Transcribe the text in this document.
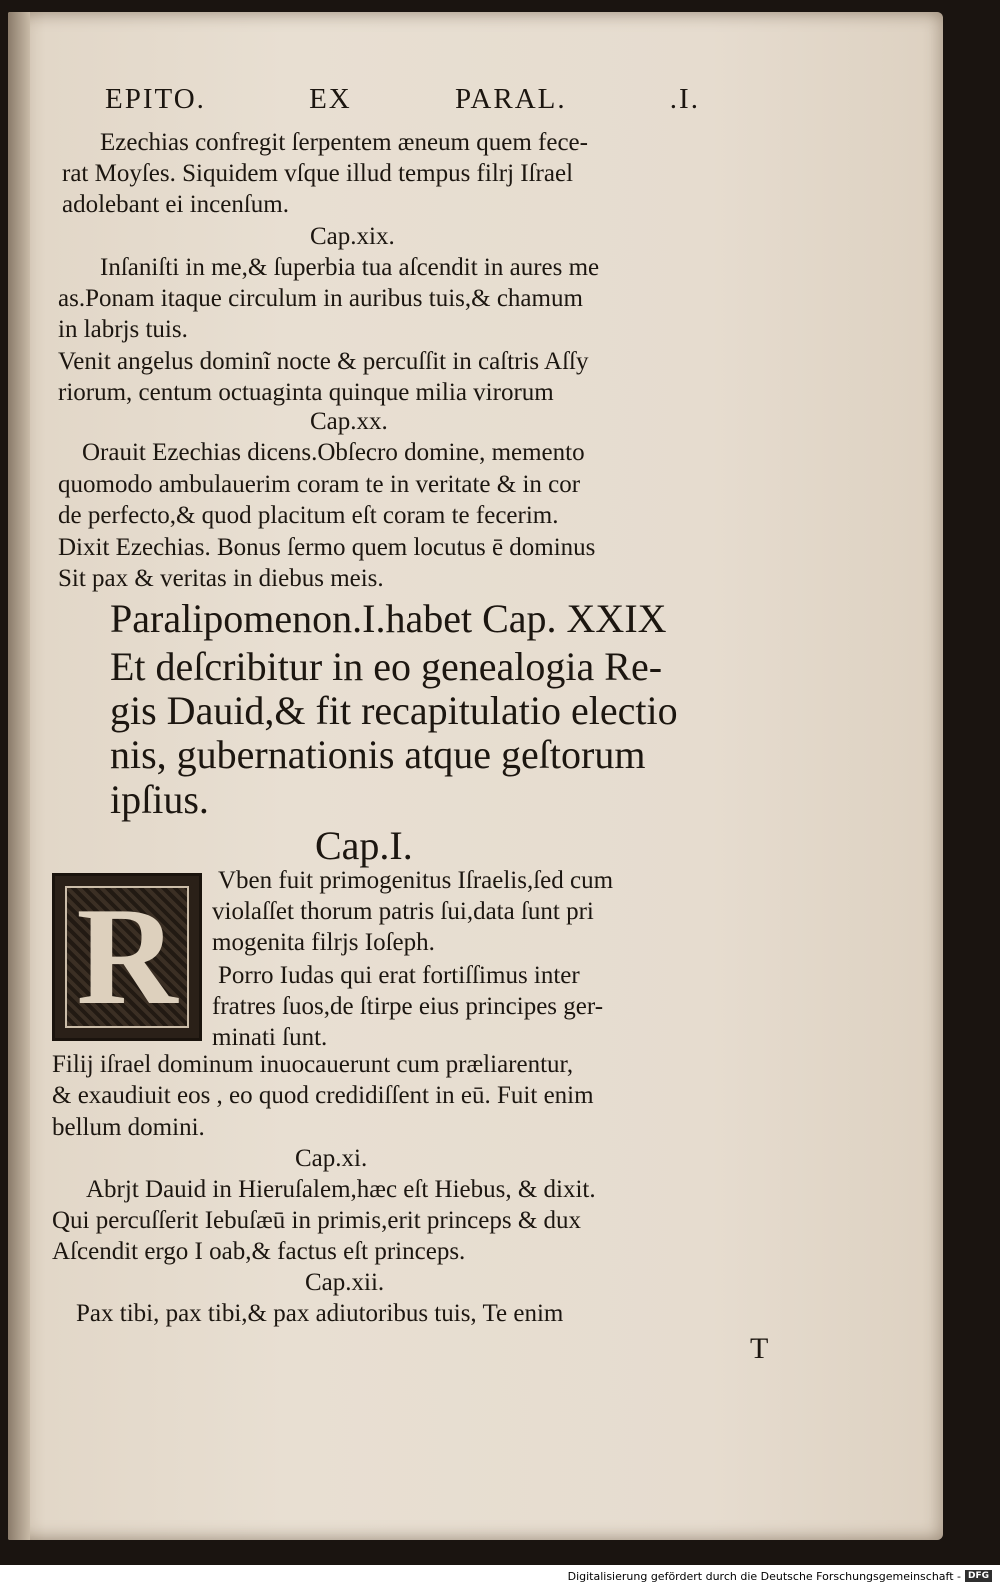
EPITO.	EX	PARAL.	.I.
Ezechias confregit ſerpentem æneum quem fece-
rat Moyſes. Siquidem vſque illud tempus filrj Iſrael
adolebant ei incenſum.
Cap.xix.
Inſaniſti in me,& ſuperbia tua aſcendit in aures me
as.Ponam itaque circulum in auribus tuis,& chamum
in labrjs tuis.
Venit angelus dominĩ nocte & percuſſit in caſtris Aſſy
riorum, centum octuaginta quinque milia virorum
Cap.xx.
Orauit Ezechias dicens.Obſecro domine, memento
quomodo ambulauerim coram te in veritate & in cor
de perfecto,& quod placitum eſt coram te fecerim.
Dixit Ezechias. Bonus ſermo quem locutus ē dominus
Sit pax & veritas in diebus meis.
Paralipomenon.I.habet Cap. XXIX
Et deſcribitur in eo genealogia Re-
gis Dauid,& fit recapitulatio electio
nis, gubernationis atque geſtorum
ipſius.
Cap.I.
R Vben fuit primogenitus Iſraelis,ſed cum
violaſſet thorum patris ſui,data ſunt pri
mogenita filrjs Ioſeph.
Porro Iudas qui erat fortiſſimus inter
fratres ſuos,de ſtirpe eius principes ger-
minati ſunt.
Filij iſrael dominum inuocauerunt cum præliarentur,
& exaudiuit eos , eo quod credidiſſent in eū. Fuit enim
bellum domini.
Cap.xi.
Abrjt Dauid in Hieruſalem,hæc eſt Hiebus, & dixit.
Qui percuſſerit Iebuſæū in primis,erit princeps & dux
Aſcendit ergo I oab,& factus eſt princeps.
Cap.xii.
Pax tibi, pax tibi,& pax adiutoribus tuis, Te enim
T
Digitalisierung gefördert durch die Deutsche Forschungsgemeinschaft - DFG
